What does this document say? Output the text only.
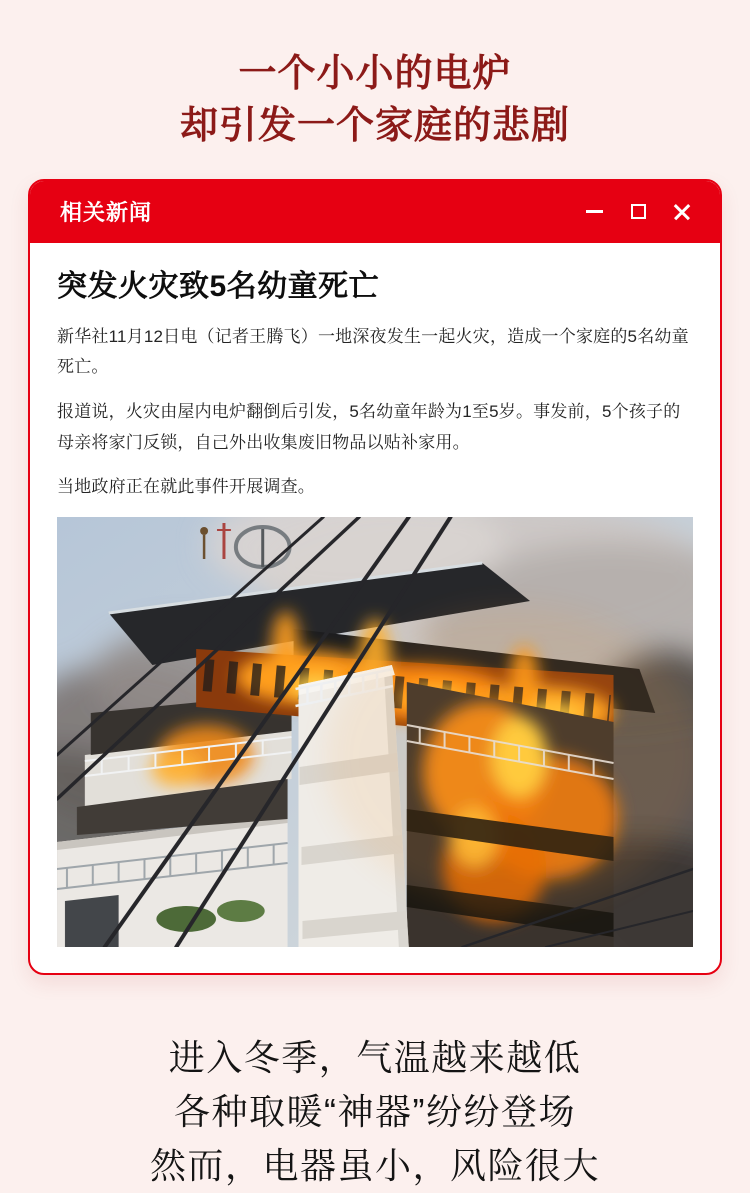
一个小小的电炉
却引发一个家庭的悲剧
相关新闻
突发火灾致5名幼童死亡

新华社11月12日电（记者王腾飞）一地深夜发生一起火灾，造成一个家庭的5名幼童死亡。

报道说，火灾由屋内电炉翻倒后引发，5名幼童年龄为1至5岁。事发前，5个孩子的母亲将家门反锁，自己外出收集废旧物品以贴补家用。

当地政府正在就此事件开展调查。

进入冬季，气温越来越低
各种取暖“神器”纷纷登场
然而，电器虽小，风险很大
